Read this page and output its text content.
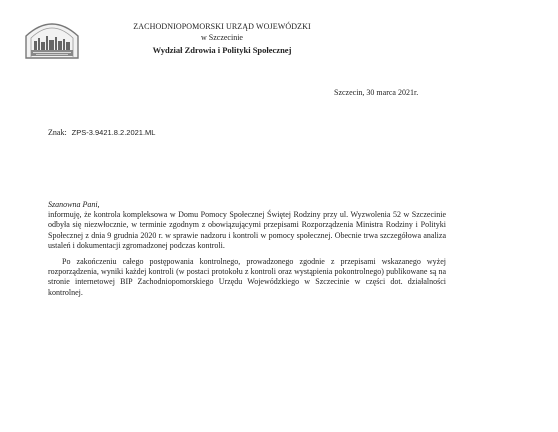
ZACHODNIOPOMORSKI URZĄD WOJEWÓDZKI
w Szczecinie
Wydział Zdrowia i Polityki Społecznej
Szczecin, 30 marca 2021r.
Znak: ZPS-3.9421.8.2.2021.ML

Szanowna Pani,

informuję, że kontrola kompleksowa w Domu Pomocy Społecznej Świętej Rodziny przy ul. Wyzwolenia 52 w Szczecinie odbyła się niezwłocznie, w terminie zgodnym z obowiązującymi przepisami Rozporządzenia Ministra Rodziny i Polityki Społecznej z dnia 9 grudnia 2020 r. w sprawie nadzoru i kontroli w pomocy społecznej. Obecnie trwa szczegółowa analiza ustaleń i dokumentacji zgromadzonej podczas kontroli.

Po zakończeniu całego postępowania kontrolnego, prowadzonego zgodnie z przepisami wskazanego wyżej rozporządzenia, wyniki każdej kontroli (w postaci protokołu z kontroli oraz wystąpienia pokontrolnego) publikowane są na stronie internetowej BIP Zachodniopomorskiego Urzędu Wojewódzkiego w Szczecinie w części dot. działalności kontrolnej.
